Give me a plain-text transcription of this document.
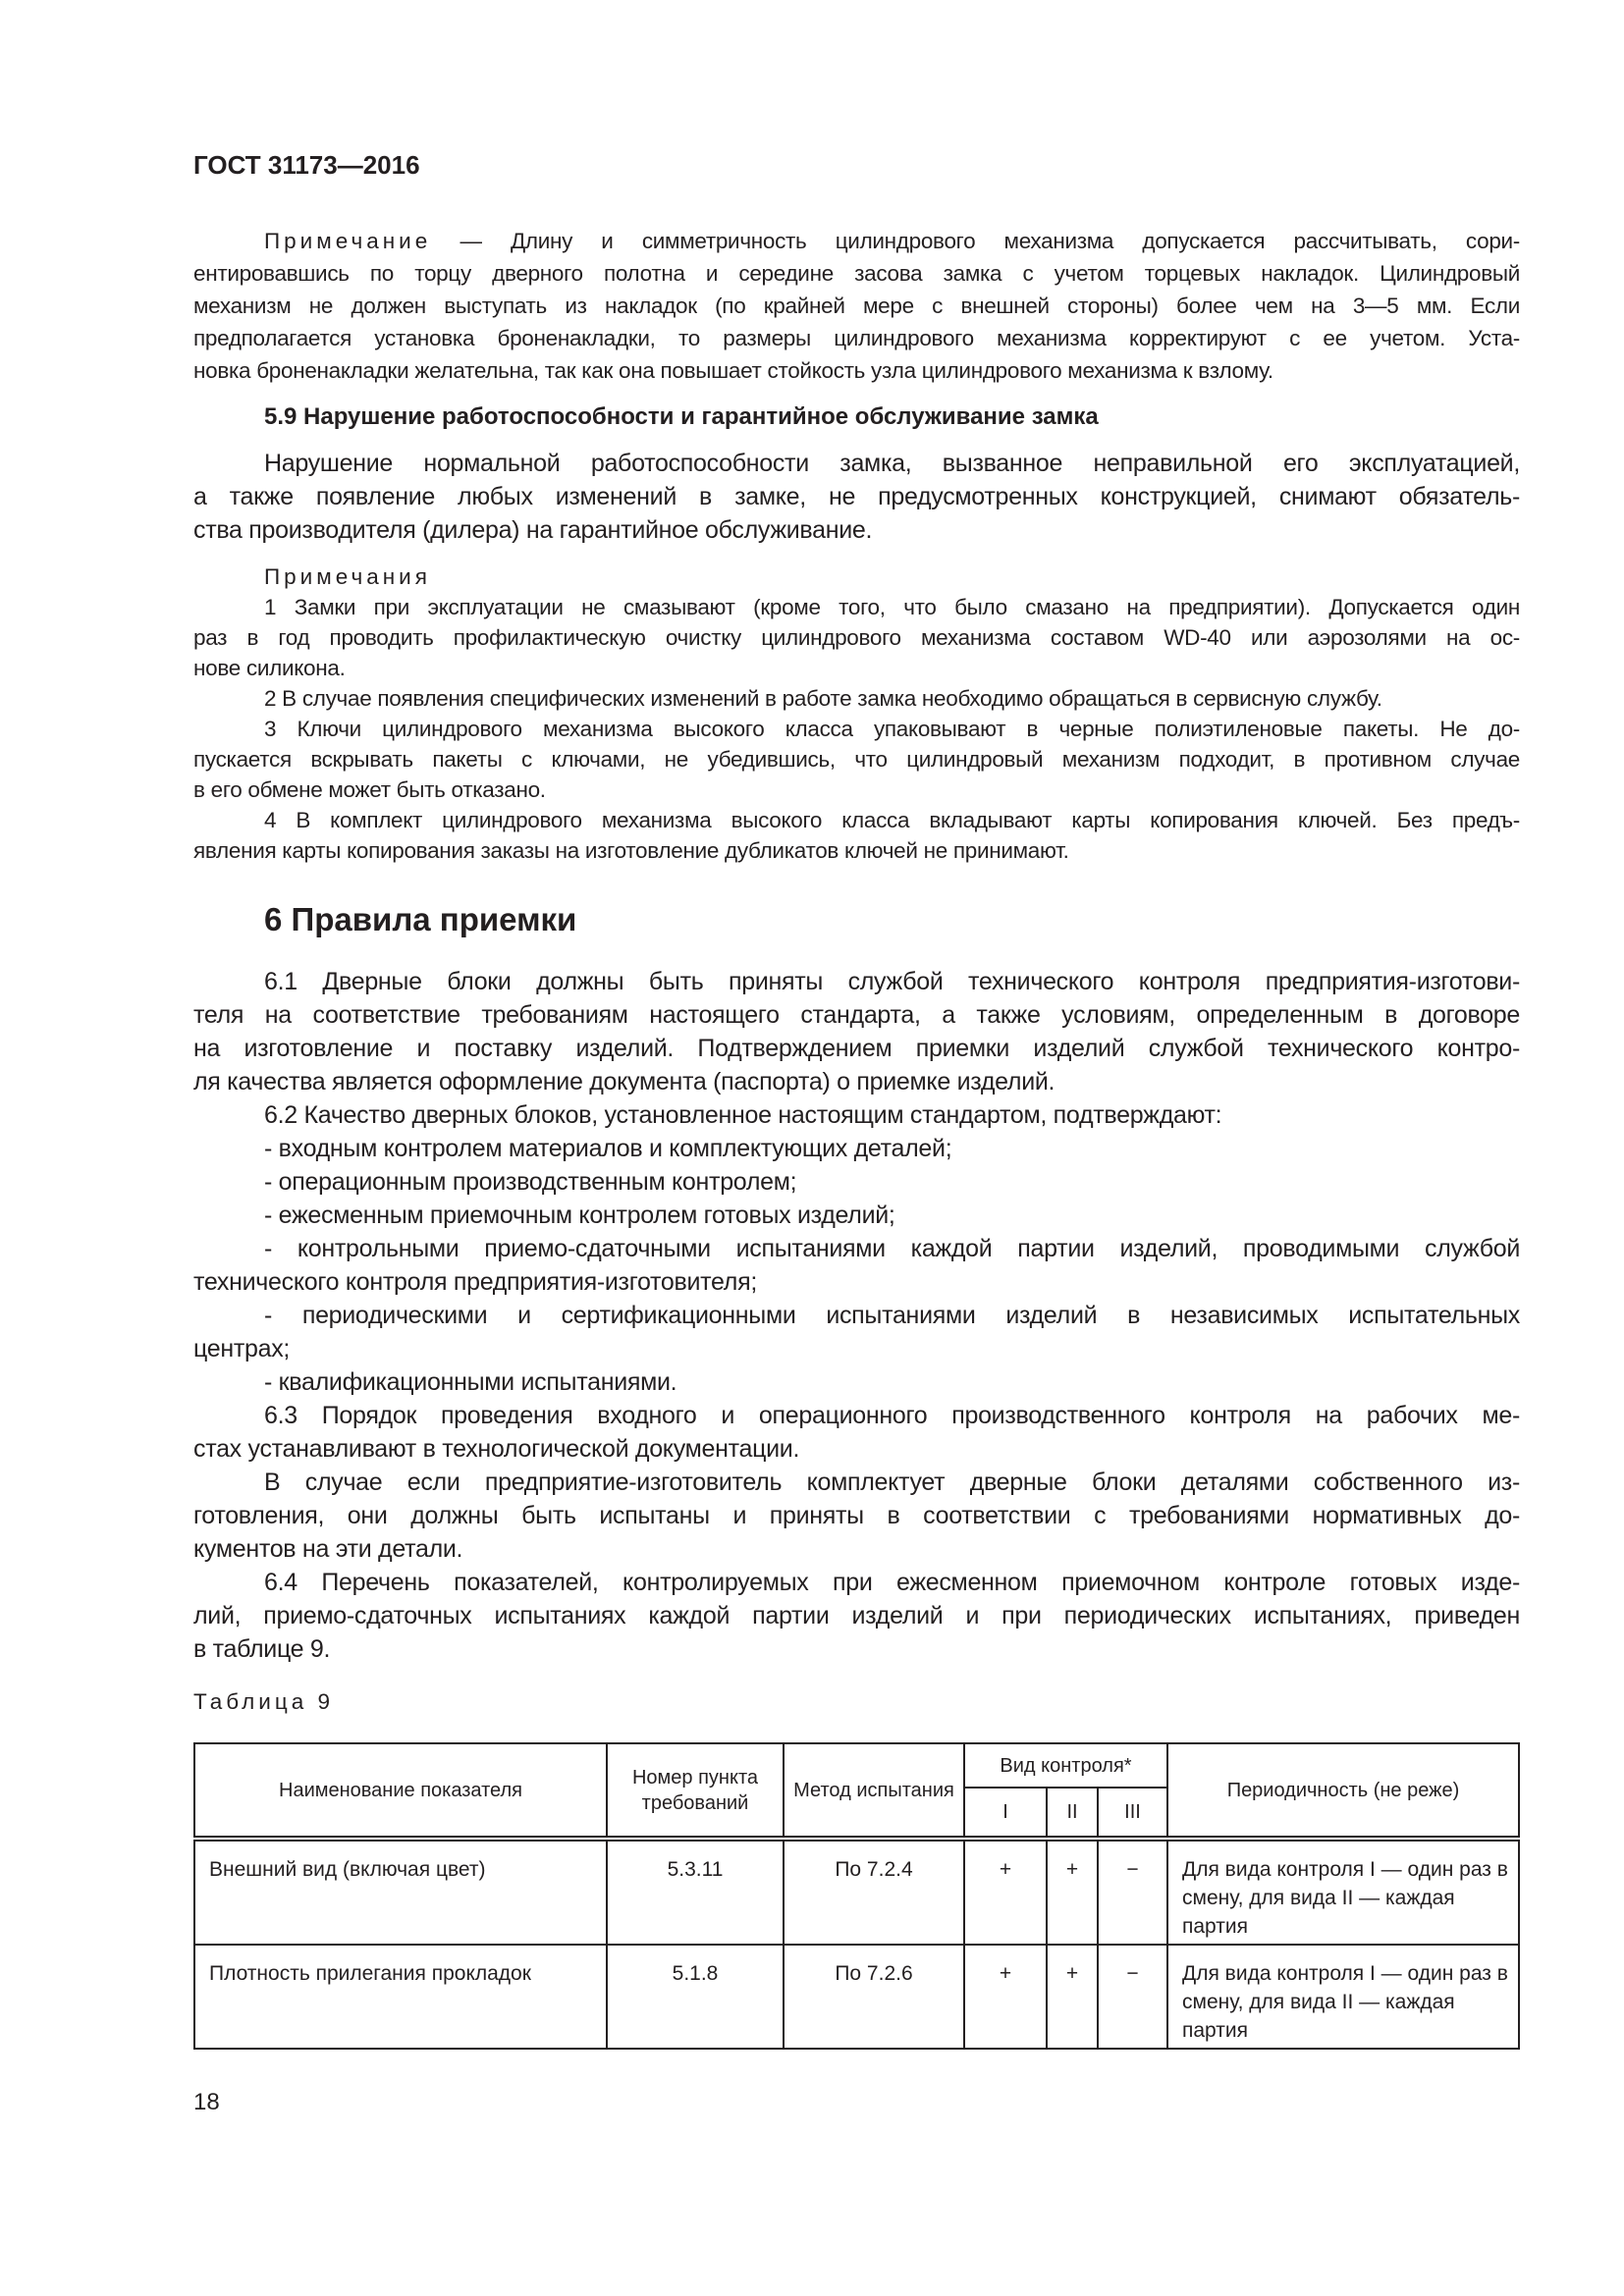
ГОСТ 31173—2016
Примечание — Длину и симметричность цилиндрового механизма допускается рассчитывать, сори-
ентировавшись по торцу дверного полотна и середине засова замка с учетом торцевых накладок. Цилиндровый
механизм не должен выступать из накладок (по крайней мере с внешней стороны) более чем на 3—5 мм. Если
предполагается установка броненакладки, то размеры цилиндрового механизма корректируют с ее учетом. Уста-
новка броненакладки желательна, так как она повышает стойкость узла цилиндрового механизма к взлому.
5.9 Нарушение работоспособности и гарантийное обслуживание замка
Нарушение нормальной работоспособности замка, вызванное неправильной его эксплуатацией,
а также появление любых изменений в замке, не предусмотренных конструкцией, снимают обязатель-
ства производителя (дилера) на гарантийное обслуживание.
Примечания
1 Замки при эксплуатации не смазывают (кроме того, что было смазано на предприятии). Допускается один
раз в год проводить профилактическую очистку цилиндрового механизма составом WD-40 или аэрозолями на ос-
нове силикона.
2 В случае появления специфических изменений в работе замка необходимо обращаться в сервисную службу.
3 Ключи цилиндрового механизма высокого класса упаковывают в черные полиэтиленовые пакеты. Не до-
пускается вскрывать пакеты с ключами, не убедившись, что цилиндровый механизм подходит, в противном случае
в его обмене может быть отказано.
4 В комплект цилиндрового механизма высокого класса вкладывают карты копирования ключей. Без предъ-
явления карты копирования заказы на изготовление дубликатов ключей не принимают.
6 Правила приемки
6.1 Дверные блоки должны быть приняты службой технического контроля предприятия-изготови-
теля на соответствие требованиям настоящего стандарта, а также условиям, определенным в договоре
на изготовление и поставку изделий. Подтверждением приемки изделий службой технического контро-
ля качества является оформление документа (паспорта) о приемке изделий.
6.2 Качество дверных блоков, установленное настоящим стандартом, подтверждают:
- входным контролем материалов и комплектующих деталей;
- операционным производственным контролем;
- ежесменным приемочным контролем готовых изделий;
- контрольными приемо-сдаточными испытаниями каждой партии изделий, проводимыми службой
технического контроля предприятия-изготовителя;
- периодическими и сертификационными испытаниями изделий в независимых испытательных
центрах;
- квалификационными испытаниями.
6.3 Порядок проведения входного и операционного производственного контроля на рабочих ме-
стах устанавливают в технологической документации.
В случае если предприятие-изготовитель комплектует дверные блоки деталями собственного из-
готовления, они должны быть испытаны и приняты в соответствии с требованиями нормативных до-
кументов на эти детали.
6.4 Перечень показателей, контролируемых при ежесменном приемочном контроле готовых изде-
лий, приемо-сдаточных испытаниях каждой партии изделий и при периодических испытаниях, приведен
в таблице 9.
Таблица 9
Наименование показателя	Номер пункта требований	Метод испытания	Вид контроля*			Периодичность (не реже)
			I	II	III	
Внешний вид (включая цвет)	5.3.11	По 7.2.4	+	+	−	Для вида контроля I — один раз в смену, для вида II — каждая партия
Плотность прилегания прокладок	5.1.8	По 7.2.6	+	+	−	Для вида контроля I — один раз в смену, для вида II — каждая партия
18
